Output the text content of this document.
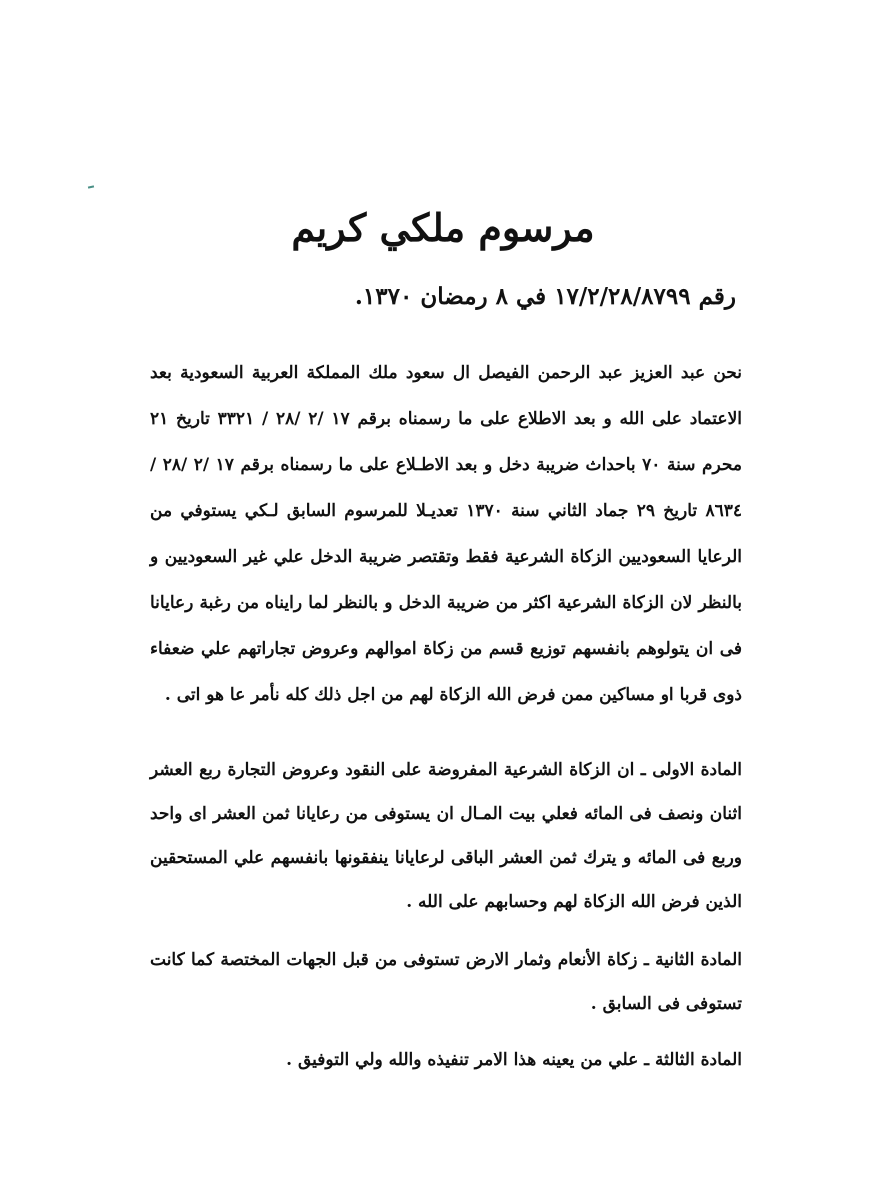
مرسوم ملكي كريم
رقم ١٧/٢/٢٨/٨٧٩٩ في ٨ رمضان ١٣٧٠.
نحن عبد العزيز عبد الرحمن الفيصل ال سعود ملك المملكة العربية السعودية بعد الاعتماد على الله و بعد الاطلاع على ما رسمناه برقم ١٧ /٢ /٢٨ / ٣٣٢١ تاريخ ٢١ محرم سنة ٧٠ باحداث ضريبة دخل و بعد الاطـلاع على ما رسمناه برقم ١٧ /٢ /٢٨ / ٨٦٣٤ تاريخ ٢٩ جماد الثاني سنة ١٣٧٠ تعديـلا للمرسوم السابق لـكي يستوفي من الرعايا السعوديين الزكاة الشرعية فقط وتقتصر ضريبة الدخل علي غير السعوديين و بالنظر لان الزكاة الشرعية اكثر من ضريبة الدخل و بالنظر لما رايناه من رغبة رعايانا فى ان يتولوهم بانفسهم توزيع قسم من زكاة اموالهم وعروض تجاراتهم علي ضعفاء ذوى قربا او مساكين ممن فرض الله الزكاة لهم من اجل ذلك كله نأمر عا هو اتى .
المادة الاولى ـ ان الزكاة الشرعية المفروضة على النقود وعروض التجارة ربع العشر اثنان ونصف فى المائه فعلي بيت المـال ان يستوفى من رعايانا ثمن العشر اى واحد وربع فى المائه و يترك ثمن العشر الباقى لرعايانا ينفقونها بانفسهم علي المستحقين الذين فرض الله الزكاة لهم وحسابهم على الله .
المادة الثانية ـ زكاة الأنعام وثمار الارض تستوفى من قبل الجهات المختصة كما كانت تستوفى فى السابق .
المادة الثالثة ـ علي من يعينه هذا الامر تنفيذه والله ولي التوفيق .
